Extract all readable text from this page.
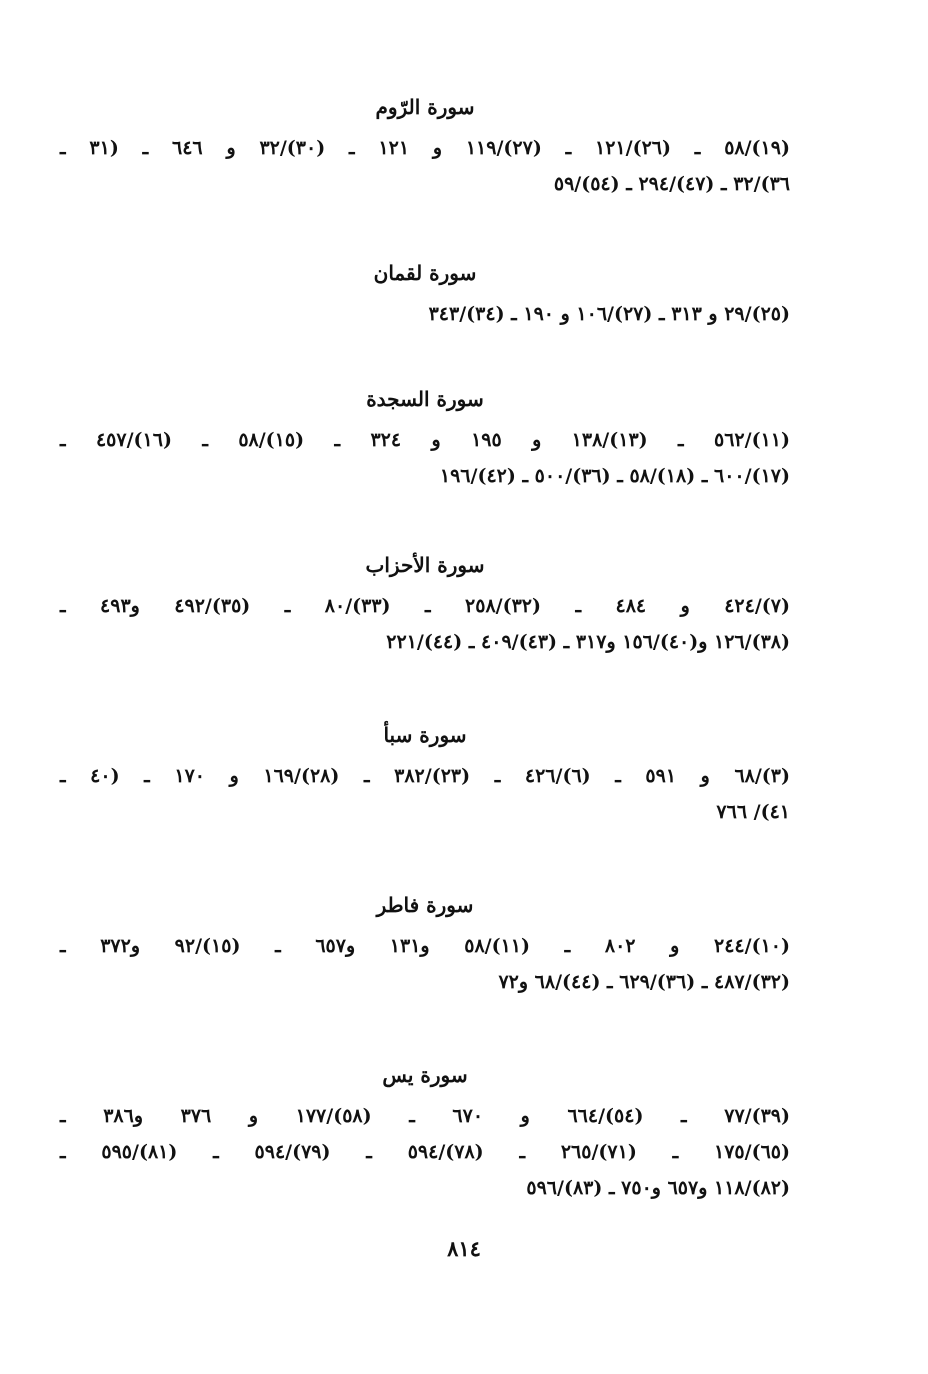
سورة الرّوم
(١٩)/٥٨ ـ (٢٦)/١٢١ ـ (٢٧)/١١٩ و ١٢١ ـ (٣٠)/٣٢ و ٦٤٦ ـ (٣١ ـ
٣٦)/٣٢ ـ (٤٧)/٢٩٤ ـ (٥٤)/٥٩
سورة لقمان
(٢٥)/٢٩ و ٣١٣ ـ (٢٧)/١٠٦ و ١٩٠ ـ (٣٤)/٣٤٣
سورة السجدة
(١١)/٥٦٢ ـ (١٣)/١٣٨ و ١٩٥ و ٣٢٤ ـ (١٥)/٥٨ ـ (١٦)/٤٥٧ ـ
(١٧)/٦٠٠ ـ (١٨)/٥٨ ـ (٣٦)/٥٠٠ ـ (٤٢)/١٩٦
سورة الأحزاب
(٧)/٤٢٤ و ٤٨٤ ـ (٣٢)/٢٥٨ ـ (٣٣)/٨٠ ـ (٣٥)/٤٩٢ و٤٩٣ ـ
(٣٨)/١٢٦ و(٤٠)/١٥٦ و٣١٧ ـ (٤٣)/٤٠٩ ـ (٤٤)/٢٢١
سورة سبأ
(٣)/٦٨ و ٥٩١ ـ (٦)/٤٢٦ ـ (٢٣)/٣٨٢ ـ (٢٨)/١٦٩ و ١٧٠ ـ (٤٠ ـ
٤١)/ ٧٦٦
سورة فاطر
(١٠)/٢٤٤ و ٨٠٢ ـ (١١)/٥٨ و١٣١ و٦٥٧ ـ (١٥)/٩٢ و٣٧٢ ـ
(٣٢)/٤٨٧ ـ (٣٦)/٦٢٩ ـ (٤٤)/٦٨ و٧٢
سورة يس
(٣٩)/٧٧ ـ (٥٤)/٦٦٤ و ٦٧٠ ـ (٥٨)/١٧٧ و ٣٧٦ و٣٨٦ ـ
(٦٥)/١٧٥ ـ (٧١)/٢٦٥ ـ (٧٨)/٥٩٤ ـ (٧٩)/٥٩٤ ـ (٨١)/٥٩٥ ـ
(٨٢)/١١٨ و٦٥٧ و٧٥٠ ـ (٨٣)/٥٩٦
٨١٤
